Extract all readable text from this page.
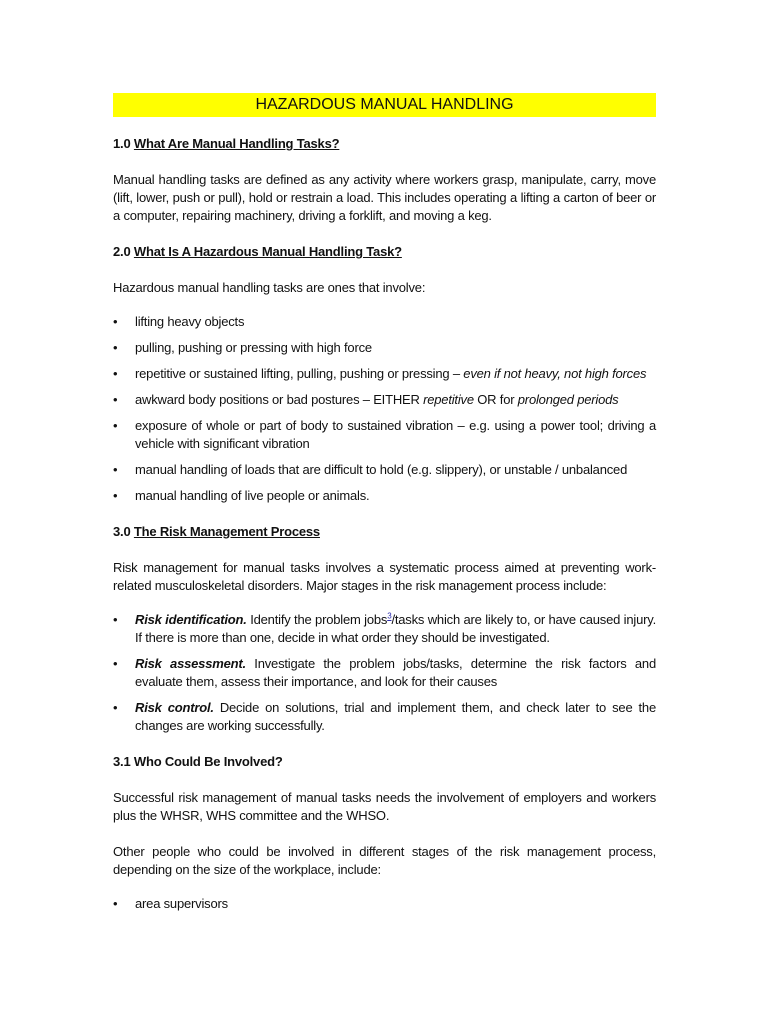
HAZARDOUS MANUAL HANDLING
1.0 What Are Manual Handling Tasks?

Manual handling tasks are defined as any activity where workers grasp, manipulate, carry, move (lift, lower, push or pull), hold or restrain a load. This includes operating a lifting a carton of beer or a computer, repairing machinery, driving a forklift, and moving a keg.

2.0 What Is A Hazardous Manual Handling Task?

Hazardous manual handling tasks are ones that involve:

•	lifting heavy objects
•	pulling, pushing or pressing with high force
•	repetitive or sustained lifting, pulling, pushing or pressing – even if not heavy, not high forces
•	awkward body positions or bad postures – EITHER repetitive OR for prolonged periods
•	exposure of whole or part of body to sustained vibration – e.g. using a power tool; driving a vehicle with significant vibration
•	manual handling of loads that are difficult to hold (e.g. slippery), or unstable / unbalanced
•	manual handling of live people or animals.
3.0 The Risk Management Process

Risk management for manual tasks involves a systematic process aimed at preventing work-related musculoskeletal disorders. Major stages in the risk management process include:

•	Risk identification. Identify the problem jobs$^3$/tasks which are likely to, or have caused injury. If there is more than one, decide in what order they should be investigated.
•	Risk assessment. Investigate the problem jobs/tasks, determine the risk factors and evaluate them, assess their importance, and look for their causes
•	Risk control. Decide on solutions, trial and implement them, and check later to see the changes are working successfully.
3.1 Who Could Be Involved?

Successful risk management of manual tasks needs the involvement of employers and workers plus the WHSR, WHS committee and the WHSO.

Other people who could be involved in different stages of the risk management process, depending on the size of the workplace, include:

•	area supervisors
